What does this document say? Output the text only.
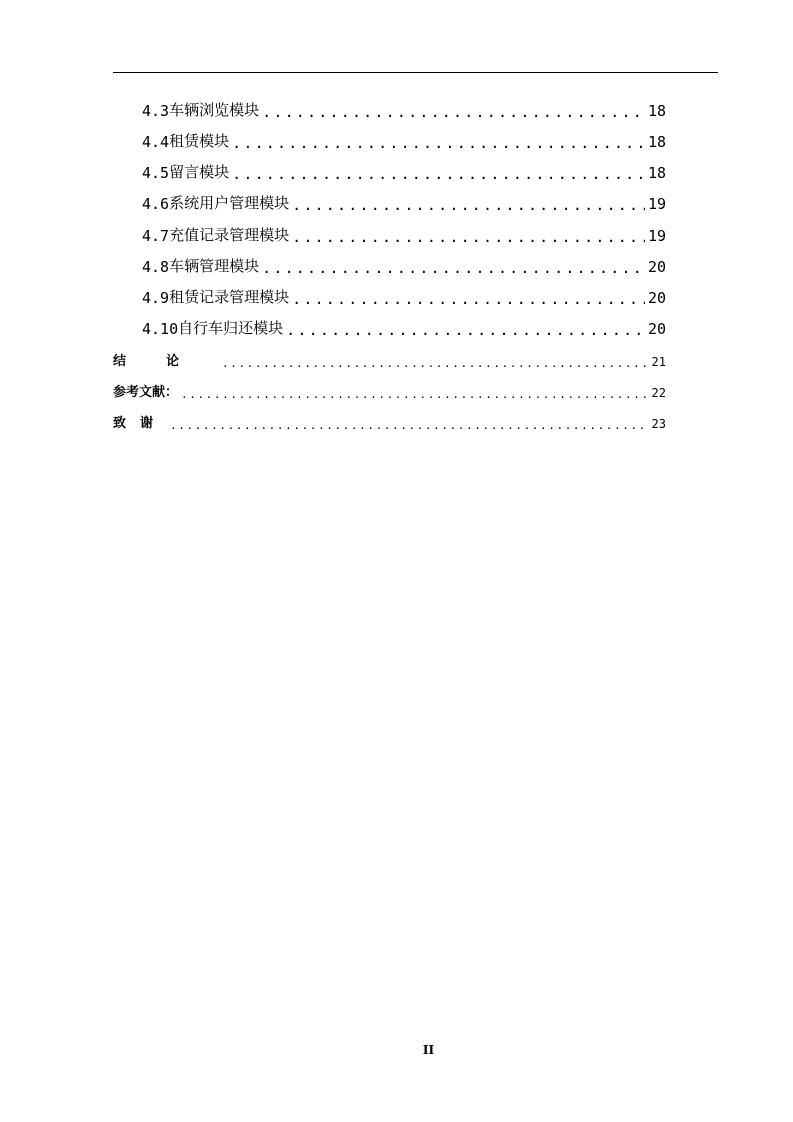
4.3 车辆浏览模块 .....	18
4.4 租赁模块 .....	18
4.5 留言模块 .....	18
4.6 系统用户管理模块 .....	19
4.7 充值记录管理模块 .....	19
4.8 车辆管理模块 .....	20
4.9 租赁记录管理模块 .....	20
4.10 自行车归还模块 .....	20
结论 .....	21
参考文献： .....	22
致谢 .....	23
II
